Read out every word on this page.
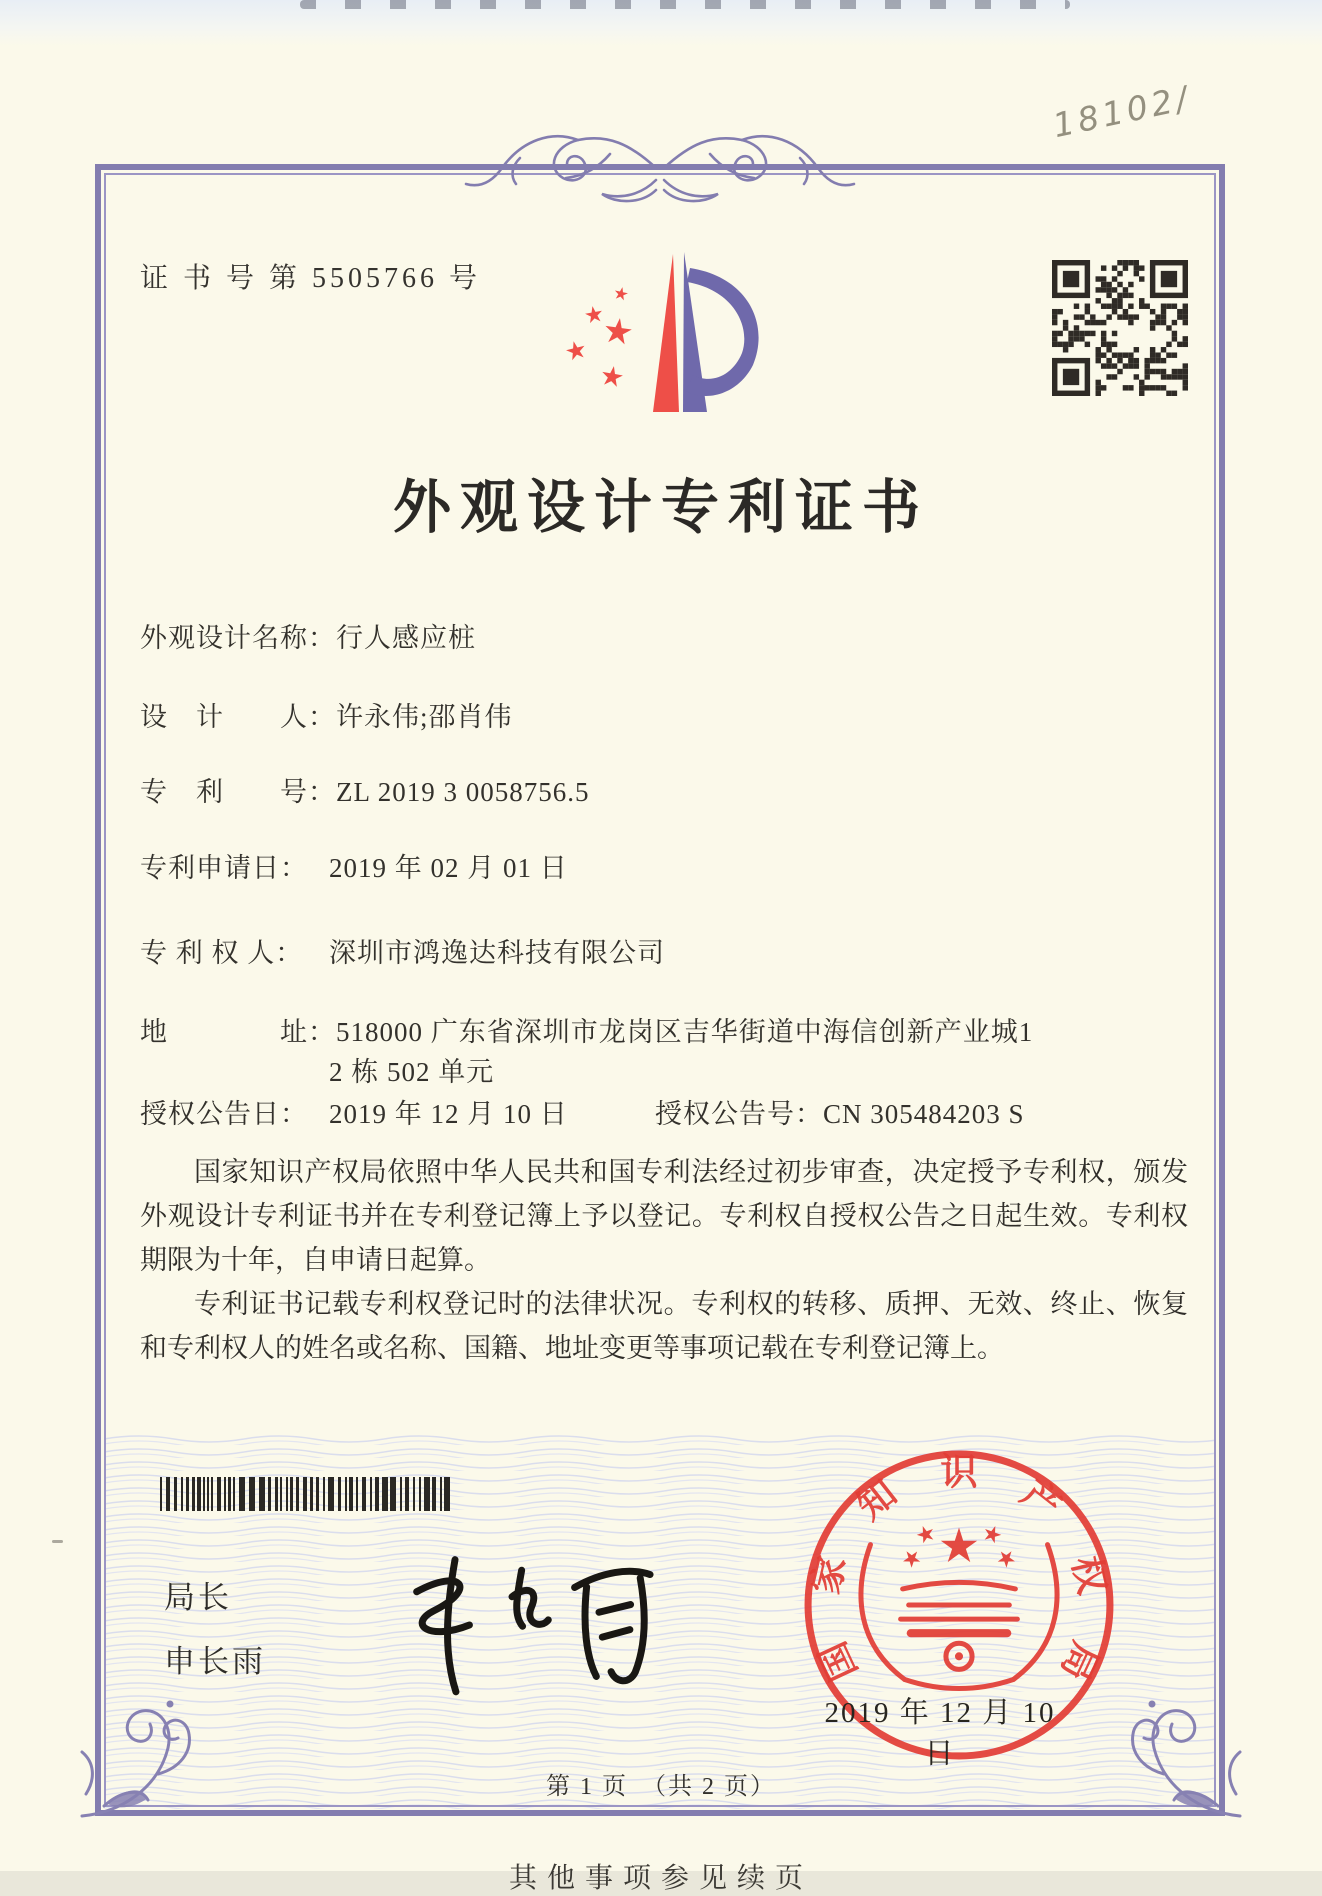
18102/
证 书 号 第 5505766 号
外观设计专利证书
外观设计名称：行人感应桩
设　计　　人：许永伟;邵肖伟
专　利　　号：ZL 2019 3 0058756.5
专利申请日： 2019 年 02 月 01 日
专 利 权 人： 深圳市鸿逸达科技有限公司
地　　　　址：518000 广东省深圳市龙岗区吉华街道中海信创新产业城1
2 栋 502 单元
授权公告日： 2019 年 12 月 10 日	授权公告号：CN 305484203 S

国家知识产权局依照中华人民共和国专利法经过初步审查，决定授予专利权，颁发外观设计专利证书并在专利登记簿上予以登记。专利权自授权公告之日起生效。专利权期限为十年，自申请日起算。

专利证书记载专利权登记时的法律状况。专利权的转移、质押、无效、终止、恢复和专利权人的姓名或名称、国籍、地址变更等事项记载在专利登记簿上。

局长
申长雨	国
家
知
识
产
权
局
2019 年 12 月 10 日
第 1 页　（共 2 页）
其他事项参见续页
